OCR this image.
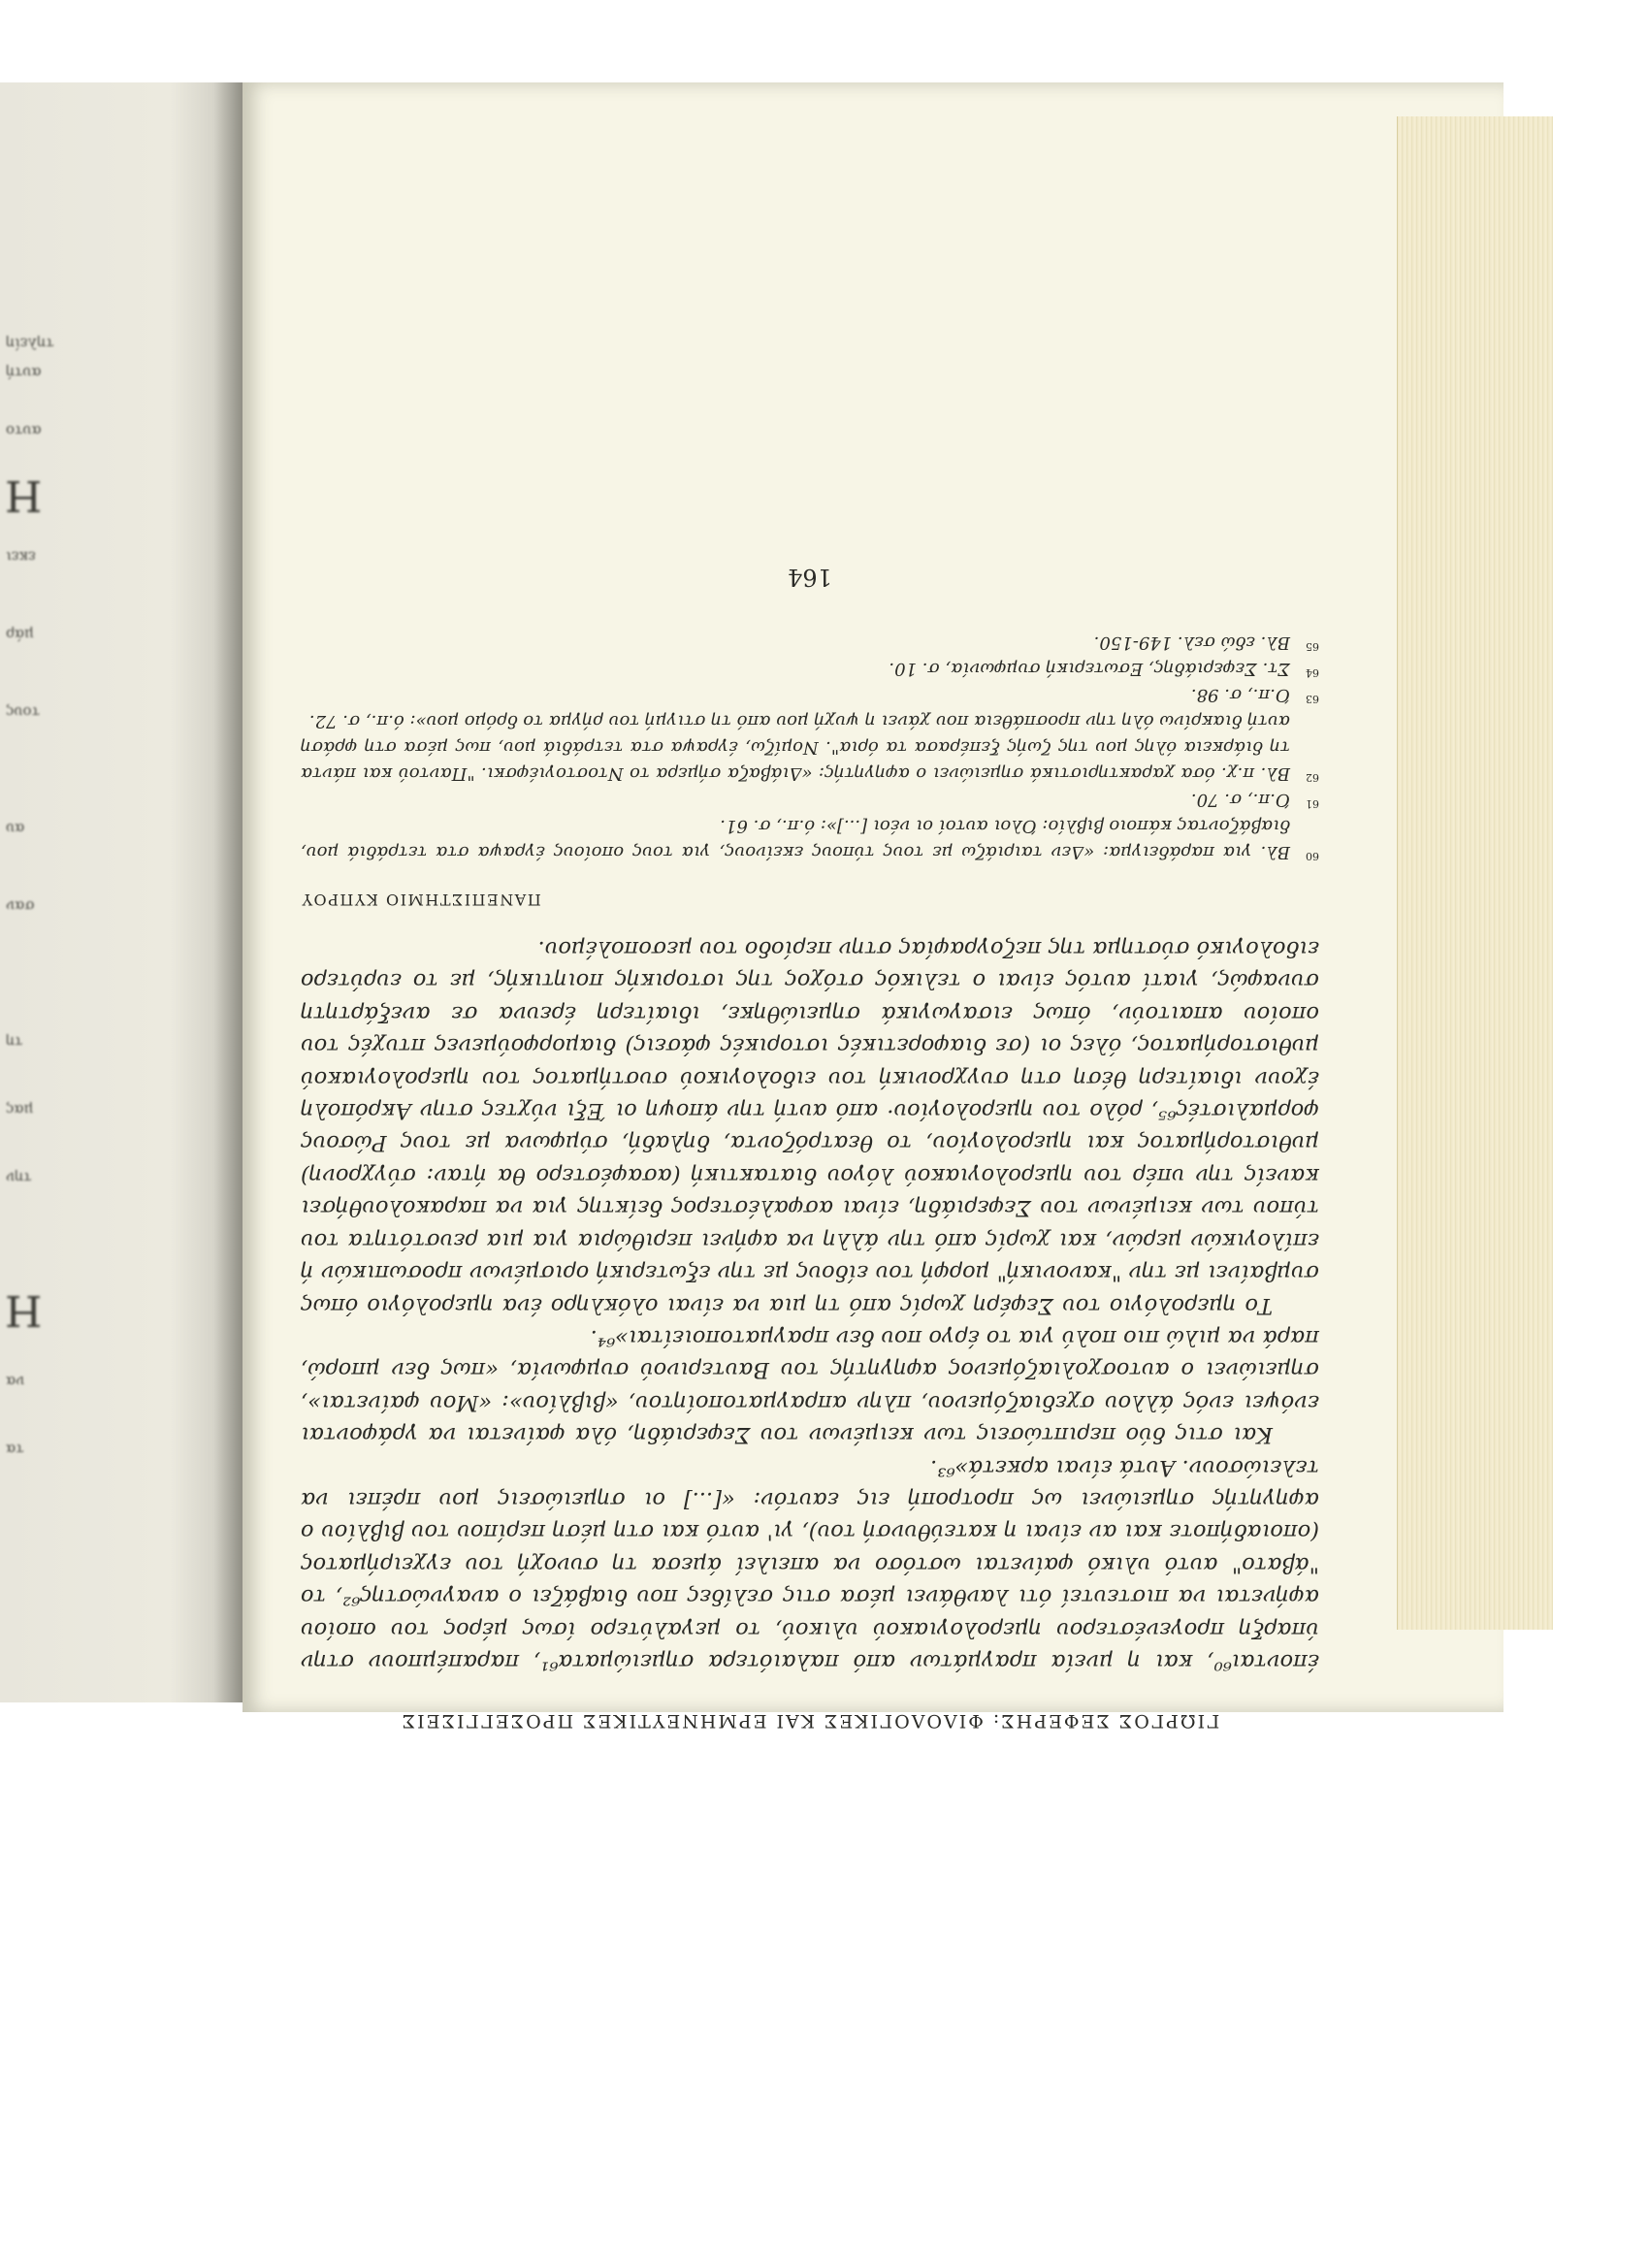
Η
Η
τηλείη
αυτή
αυτο
εκει
μάρ
τους
αυ
σαν
τη
μας
την
να
τα
ΓΙΩΡΓΟΣ ΣΕΦΕΡΗΣ: ΦΙΛΟΛΟΓΙΚΕΣ ΚΑΙ ΕΡΜΗΝΕΥΤΙΚΕΣ ΠΡΟΣΕΓΓΙΣΕΙΣ

έπονται⁶⁰, και η μνεία πραγμάτων από παλαιότερα σημειώματα⁶¹, παραπέμπουν στην ύπαρξη προγενέστερου ημερολογιακού υλικού, το μεγαλύτερο ίσως μέρος του οποίου αφήνεται να πιστευτεί ότι λανθάνει μέσα στις σελίδες που διαβάζει ο αναγνώστης⁶², το "άβατο" αυτό υλικό φαίνεται ωστόσο να απειλεί άμεσα τη συνοχή του εγχειρήματος (οποιαδήποτε και αν είναι η κατεύθυνσή του), γι' αυτό και στη μέση περίπου του βιβλίου ο αφηγητής σημειώνει ως προτροπή εις εαυτόν: «[...] οι σημειώσεις μου πρέπει να τελειώσουν. Αυτά είναι αρκετά»⁶³.

Και στις δύο περιπτώσεις των κειμένων του Σεφεριάδη, όλα φαίνεται να γράφονται ενόψει ενός άλλου σχεδιαζόμενου, πλην απραγματοποίητου, «βιβλίου»: «Μου φαίνεται», σημειώνει ο αυτοσχολιαζόμενος αφηγητής του Βαυτερινού συμφωνία, «πως δεν μπορώ, παρά να μιλώ πιο πολύ για το έργο που δεν πραγματοποιείται»⁶⁴.

Το ημερολόγιο του Σεφέρη χωρίς από τη μια να είναι ολόκληρο ένα ημερολόγιο όπως συμβαίνει με την "κανονική" μορφή του είδους με την εξωτερική ορισμένων προσωπικών ή επίλογικών μερών, και χωρίς από την άλλη να αφήνει περιθώρια για μια ρευστότητα του τύπου των κειμένων του Σεφεριάδη, είναι ασφαλέστερος δείκτης για να παρακολουθήσει κανείς την υπέρ του ημερολογιακού λόγου διατακτική (ασαφέστερο θα ήταν: σύγχρονη) μυθιστορήματος και ημερολογίου, το θεατρόζοντα, δηλαδή, σύμφωνα με τους Ρώσους φορμαλιστές⁶⁵, ρόλο του ημερολογίου· από αυτή την άποψη οι Έξι νύχτες στην Ακρόπολη έχουν ιδιαίτερη θέση στη συγχρονική του ειδολογικού συστήματος του ημερολογιακού μυθιστορήματος, όλες οι (σε διαφορετικές ιστορικές φάσεις) διαμορφούμενες πτυχές του οποίου απαιτούν, όπως εισαγωγικά σημειώθηκε, ιδιαίτερη έρευνα σε ανεξάρτητη συναφώς, γιατί αυτός είναι ο τελικός στόχος της ιστορικής ποιητικής, με το ευρύτερο ειδολογικό σύστημα της πεζογραφίας στην περίοδο του μεσοπολέμου.

ΠΑΝΕΠΙΣΤΗΜΙΟ ΚΥΠΡΟΥ

60
Βλ. για παράδειγμα: «Δεν ταιριάζω με τους τύπους εκείνους, για τους οποίους έγραψα στα τετράδιά μου, διαβάζοντας κάποιο βιβλίο: Όλοι αυτοί οι νέοι [...]»: ό.π., σ. 61.

61
Ό.π., σ. 70.

62
Βλ. π.χ. όσα χαρακτηριστικά σημειώνει ο αφηγητής: «Διάβαζα σήμερα το Ντοστογιέφσκι. "Παντού και πάντα τη διάρκεια όλης μου της ζωής ξεπέρασα τα όρια". Νομίζω, έγραψα στα τετράδιά μου, πως μέσα στη φράση αυτή διακρίνω όλη την προσπάθεια που χάνει η ψυχή μου από τη στιγμή του ρήγμα το δρόμο μου»: ό.π., σ. 72.

63
Ό.π., σ. 98.

64
Στ. Σεφεριάδης, Εσωτερική συμφωνία, σ. 10.

65
Βλ. εδώ σελ. 149-150.

164
